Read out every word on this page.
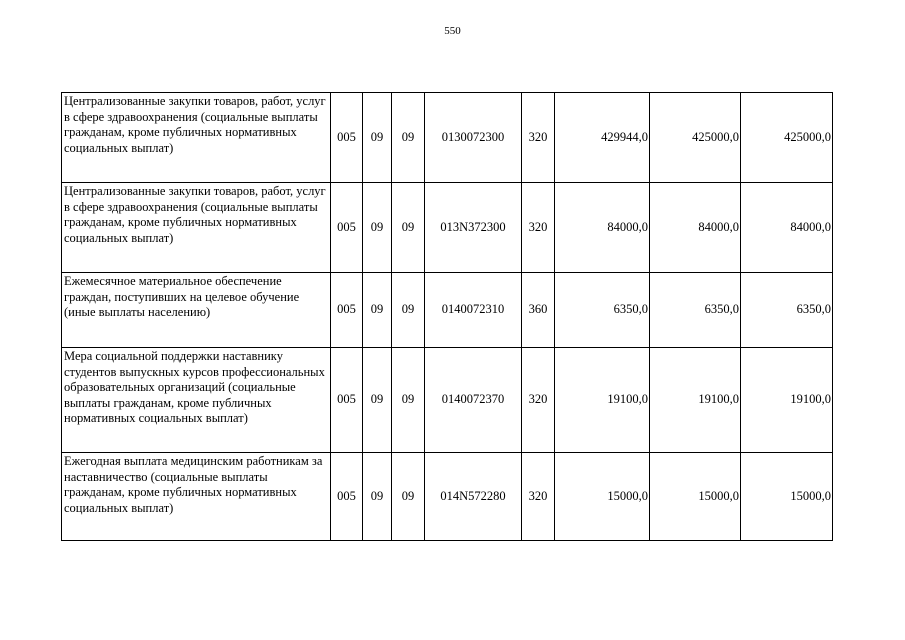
550
Централизованные закупки товаров, работ, услуг в сфере здравоохранения (социальные выплаты гражданам, кроме публичных нормативных социальных выплат)	005	09	09	0130072300	320	429944,0	425000,0	425000,0
Централизованные закупки товаров, работ, услуг в сфере здравоохранения (социальные выплаты гражданам, кроме публичных нормативных социальных выплат)	005	09	09	013N372300	320	84000,0	84000,0	84000,0
Ежемесячное материальное обеспечение граждан, поступивших на целевое обучение (иные выплаты населению)	005	09	09	0140072310	360	6350,0	6350,0	6350,0
Мера социальной поддержки наставнику студентов выпускных курсов профессиональных образовательных организаций (социальные выплаты гражданам, кроме публичных нормативных социальных выплат)	005	09	09	0140072370	320	19100,0	19100,0	19100,0
Ежегодная выплата медицинским работникам за наставничество (социальные выплаты гражданам, кроме публичных нормативных социальных выплат)	005	09	09	014N572280	320	15000,0	15000,0	15000,0
